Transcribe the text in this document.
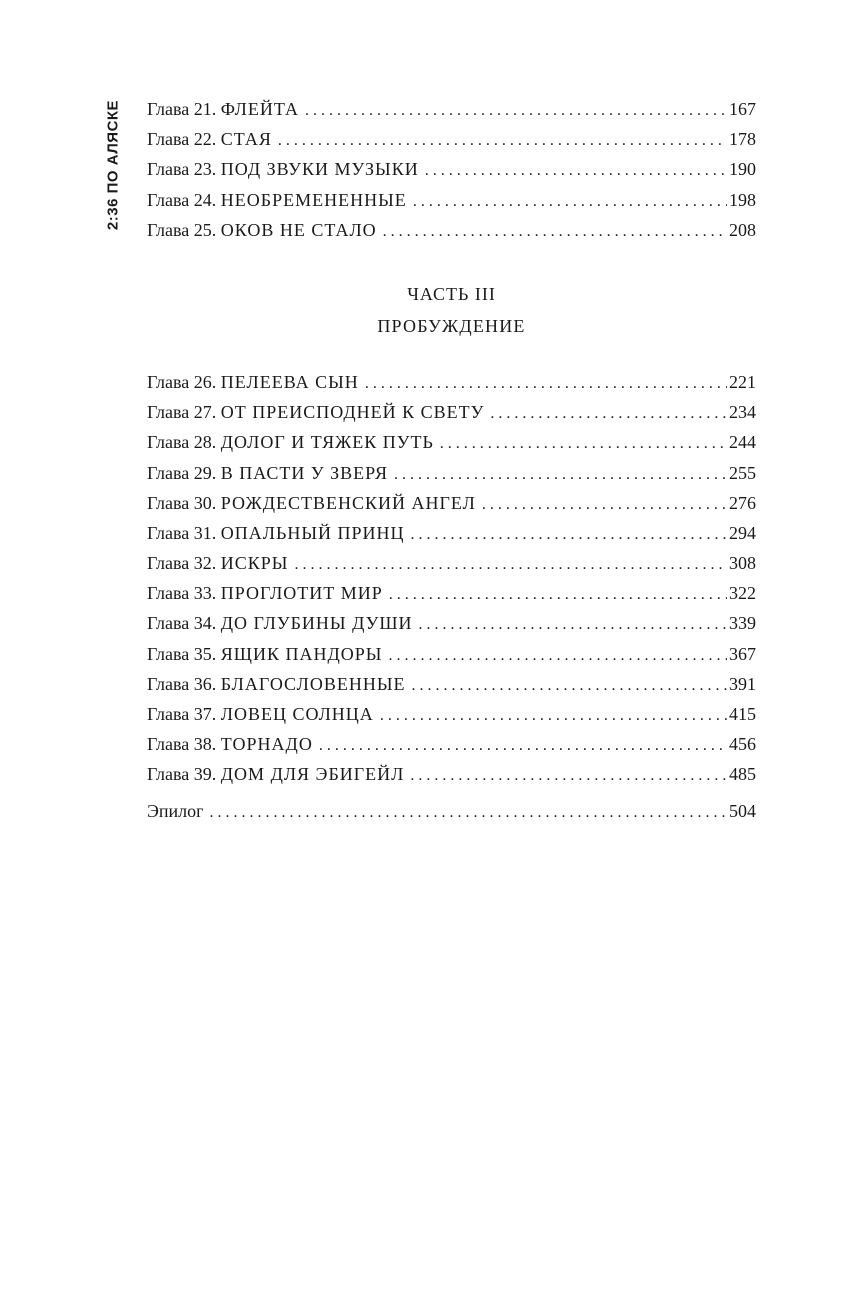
2:36 ПО АЛЯСКЕ Глава 21. ФЛЕЙТА . . .	167
Глава 22. СТАЯ . . .	178
Глава 23. ПОД ЗВУКИ МУЗЫКИ . . .	190
Глава 24. НЕОБРЕМЕНЕННЫЕ . . .	198
Глава 25. ОКОВ НЕ СТАЛО . . .	208
ЧАСТЬ III
ПРОБУЖДЕНИЕ
Глава 26. ПЕЛЕЕВА СЫН . . .	221
Глава 27. ОТ ПРЕИСПОДНЕЙ К СВЕТУ . . .	234
Глава 28. ДОЛОГ И ТЯЖЕК ПУТЬ . . .	244
Глава 29. В ПАСТИ У ЗВЕРЯ . . .	255
Глава 30. РОЖДЕСТВЕНСКИЙ АНГЕЛ . . .	276
Глава 31. ОПАЛЬНЫЙ ПРИНЦ . . .	294
Глава 32. ИСКРЫ . . .	308
Глава 33. ПРОГЛОТИТ МИР . . .	322
Глава 34. ДО ГЛУБИНЫ ДУШИ . . .	339
Глава 35. ЯЩИК ПАНДОРЫ . . .	367
Глава 36. БЛАГОСЛОВЕННЫЕ . . .	391
Глава 37. ЛОВЕЦ СОЛНЦА . . .	415
Глава 38. ТОРНАДО . . .	456
Глава 39. ДОМ ДЛЯ ЭБИГЕЙЛ . . .	485
Эпилог . . .	504
